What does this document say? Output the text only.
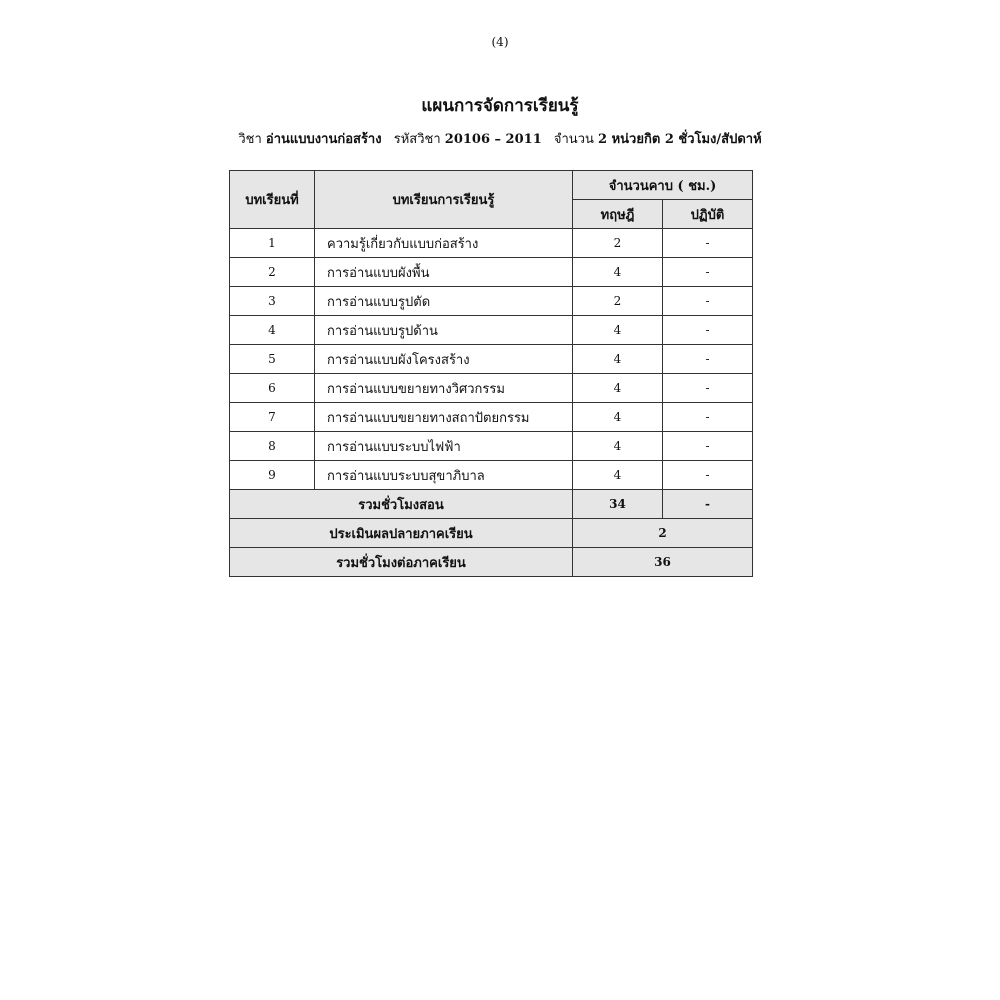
(4)
แผนการจัดการเรียนรู้
วิชา อ่านแบบงานก่อสร้าง รหัสวิชา 20106 – 2011 จำนวน 2 หน่วยกิต 2 ชั่วโมง/สัปดาห์
บทเรียนที่	บทเรียนการเรียนรู้	จำนวนคาบ ( ชม.)	
		ทฤษฎี	ปฏิบัติ
1	ความรู้เกี่ยวกับแบบก่อสร้าง	2	-
2	การอ่านแบบผังพื้น	4	-
3	การอ่านแบบรูปตัด	2	-
4	การอ่านแบบรูปด้าน	4	-
5	การอ่านแบบผังโครงสร้าง	4	-
6	การอ่านแบบขยายทางวิศวกรรม	4	-
7	การอ่านแบบขยายทางสถาปัตยกรรม	4	-
8	การอ่านแบบระบบไฟฟ้า	4	-
9	การอ่านแบบระบบสุขาภิบาล	4	-
รวมชั่วโมงสอน		34	-
ประเมินผลปลายภาคเรียน		2	
รวมชั่วโมงต่อภาคเรียน		36	
